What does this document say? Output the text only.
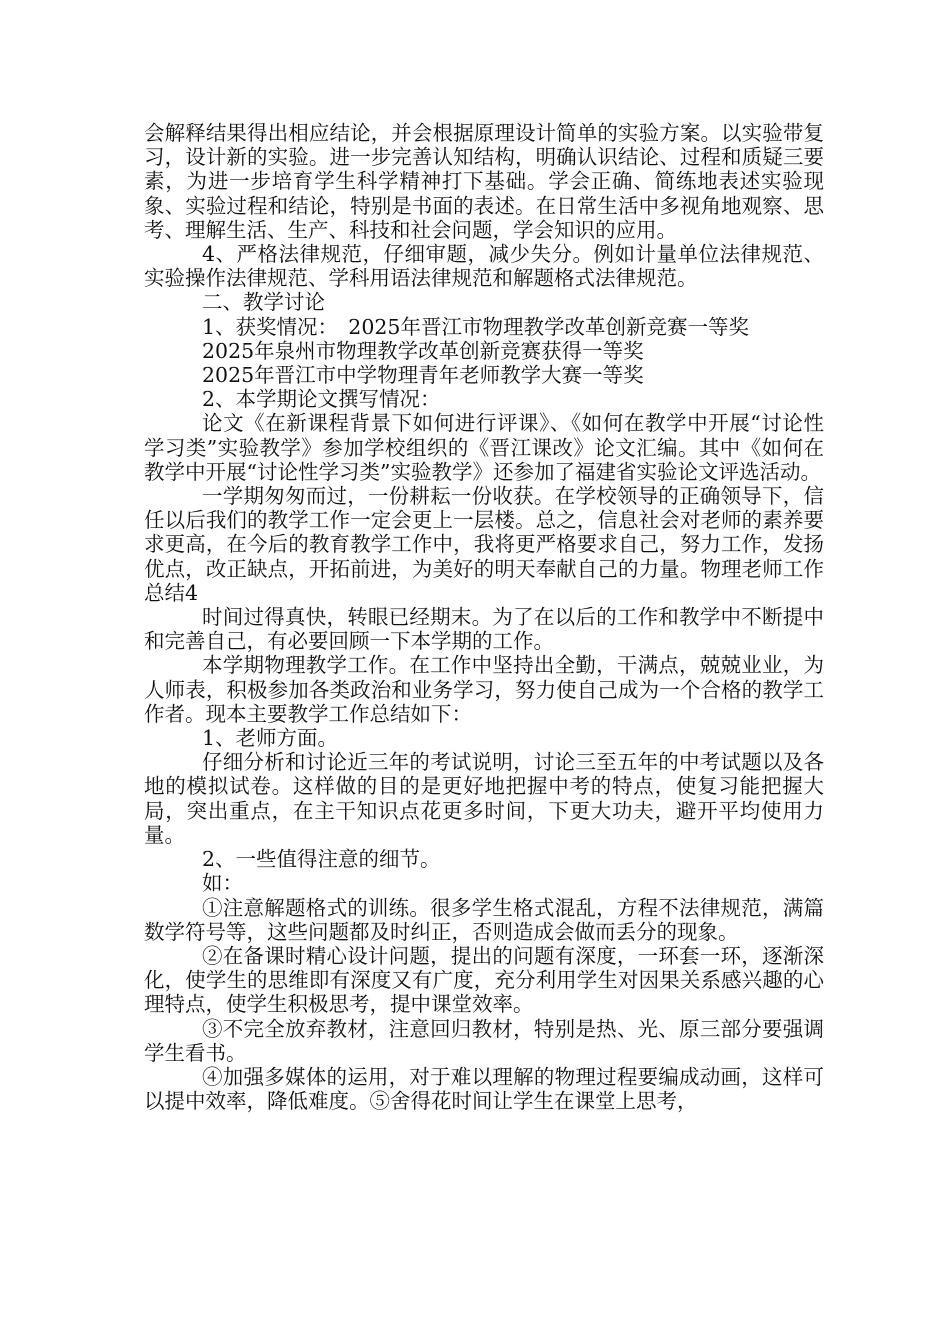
会解释结果得出相应结论，并会根据原理设计简单的实验方案。以实验带复习，设计新的实验。进一步完善认知结构，明确认识结论、过程和质疑三要素，为进一步培育学生科学精神打下基础。学会正确、简练地表述实验现象、实验过程和结论，特别是书面的表述。在日常生活中多视角地观察、思考、理解生活、生产、科技和社会问题，学会知识的应用。

4、严格法律规范，仔细审题，减少失分。例如计量单位法律规范、实验操作法律规范、学科用语法律规范和解题格式法律规范。

二、教学讨论

1、获奖情况：　2025年晋江市物理教学改革创新竞赛一等奖

2025年泉州市物理教学改革创新竞赛获得一等奖

2025年晋江市中学物理青年老师教学大赛一等奖

2、本学期论文撰写情况：

论文《在新课程背景下如何进行评课》、《如何在教学中开展“讨论性学习类”实验教学》参加学校组织的《晋江课改》论文汇编。其中《如何在教学中开展“讨论性学习类”实验教学》还参加了福建省实验论文评选活动。

一学期匆匆而过，一份耕耘一份收获。在学校领导的正确领导下，信任以后我们的教学工作一定会更上一层楼。总之，信息社会对老师的素养要求更高，在今后的教育教学工作中，我将更严格要求自己，努力工作，发扬优点，改正缺点，开拓前进，为美好的明天奉献自己的力量。物理老师工作总结4

时间过得真快，转眼已经期末。为了在以后的工作和教学中不断提中和完善自己，有必要回顾一下本学期的工作。

本学期物理教学工作。在工作中坚持出全勤，干满点，兢兢业业，为人师表，积极参加各类政治和业务学习，努力使自己成为一个合格的教学工作者。现本主要教学工作总结如下：

1、老师方面。

仔细分析和讨论近三年的考试说明，讨论三至五年的中考试题以及各地的模拟试卷。这样做的目的是更好地把握中考的特点，使复习能把握大局，突出重点，在主干知识点花更多时间，下更大功夫，避开平均使用力量。

2、一些值得注意的细节。

如：

①注意解题格式的训练。很多学生格式混乱，方程不法律规范，满篇数学符号等，这些问题都及时纠正，否则造成会做而丢分的现象。

②在备课时精心设计问题，提出的问题有深度，一环套一环，逐渐深化，使学生的思维即有深度又有广度，充分利用学生对因果关系感兴趣的心理特点，使学生积极思考，提中课堂效率。

③不完全放弃教材，注意回归教材，特别是热、光、原三部分要强调学生看书。

④加强多媒体的运用，对于难以理解的物理过程要编成动画，这样可以提中效率，降低难度。⑤舍得花时间让学生在课堂上思考，
